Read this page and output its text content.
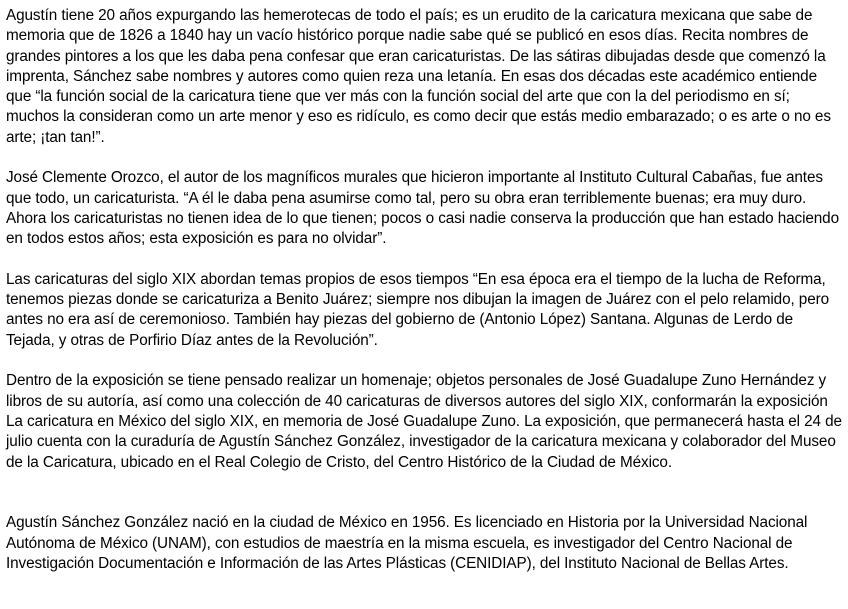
Agustín tiene 20 años expurgando las hemerotecas de todo el país; es un erudito de la caricatura mexicana que sabe de memoria que de 1826 a 1840 hay un vacío histórico porque nadie sabe qué se publicó en esos días. Recita nombres de grandes pintores a los que les daba pena confesar que eran caricaturistas. De las sátiras dibujadas desde que comenzó la imprenta, Sánchez sabe nombres y autores como quien reza una letanía. En esas dos décadas este académico entiende que “la función social de la caricatura tiene que ver más con la función social del arte que con la del periodismo en sí; muchos la consideran como un arte menor y eso es ridículo, es como decir que estás medio embarazado; o es arte o no es arte; ¡tan tan!”.

José Clemente Orozco, el autor de los magníficos murales que hicieron importante al Instituto Cultural Cabañas, fue antes que todo, un caricaturista. “A él le daba pena asumirse como tal, pero su obra eran terriblemente buenas; era muy duro. Ahora los caricaturistas no tienen idea de lo que tienen; pocos o casi nadie conserva la producción que han estado haciendo en todos estos años; esta exposición es para no olvidar”.

Las caricaturas del siglo XIX abordan temas propios de esos tiempos “En esa época era el tiempo de la lucha de Reforma, tenemos piezas donde se caricaturiza a Benito Juárez; siempre nos dibujan la imagen de Juárez con el pelo relamido, pero antes no era así de ceremonioso. También hay piezas del gobierno de (Antonio López) Santana. Algunas de Lerdo de Tejada, y otras de Porfirio Díaz antes de la Revolución”.

Dentro de la exposición se tiene pensado realizar un homenaje; objetos personales de José Guadalupe Zuno Hernández y libros de su autoría, así como una colección de 40 caricaturas de diversos autores del siglo XIX, conformarán la exposición La caricatura en México del siglo XIX, en memoria de José Guadalupe Zuno. La exposición, que permanecerá hasta el 24 de julio cuenta con la curaduría de Agustín Sánchez González, investigador de la caricatura mexicana y colaborador del Museo de la Caricatura, ubicado en el Real Colegio de Cristo, del Centro Histórico de la Ciudad de México.

Agustín Sánchez González nació en la ciudad de México en 1956. Es licenciado en Historia por la Universidad Nacional Autónoma de México (UNAM), con estudios de maestría en la misma escuela, es investigador del Centro Nacional de Investigación Documentación e Información de las Artes Plásticas (CENIDIAP), del Instituto Nacional de Bellas Artes.
